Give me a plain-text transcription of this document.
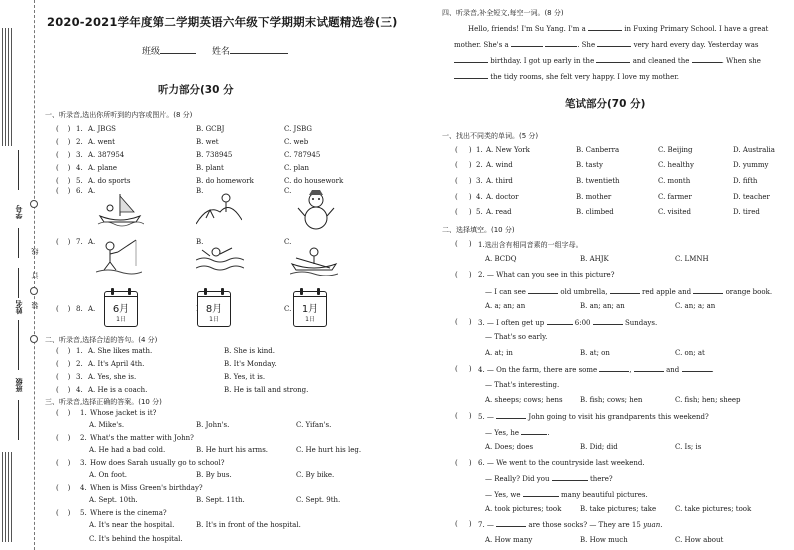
学号
线
订
姓名 装
班级
2020-2021学年度第二学期英语六年级下学期期末试题精选卷(三)
班级	姓名
听力部分(30 分
一、听录音,选出你所听到的内容或图片。(8 分)
(    ) 1. A. JBGS	B. GCBJ	C. JSBG
(    ) 2. A. went	B. wet	C. web
(    ) 3. A. 387954	B. 738945	C. 787945
(    ) 4. A. plane	B. plant	C. plan
(    ) 5. A. do sports	B. do homework	C. do housework
(    ) 6. A.	B.	C.
(    ) 7. A.	B.	C.
(    ) 8. A.	C.
6月
1日
8月
1日
1月
1日
二、听录音,选择合适的答句。(4 分)
(    ) 1. A. She likes math.	B. She is kind.
(    ) 2. A. It's April 4th.	B. It's Monday.
(    ) 3. A. Yes, she is.	B. Yes, it is.
(    ) 4. A. He is a coach.	B. He is tall and strong.
三、听录音,选择正确的答案。(10 分)
(    ) 1. Whose jacket is it?
A. Mike's.	B. John's.	C. Yifan's.
(    ) 2. What's the matter with John?
A. He had a bad cold.	B. He hurt his arms.	C. He hurt his leg.
(    ) 3. How does Sarah usually go to school?
A. On foot.	B. By bus.	C. By bike.
(    ) 4. When is Miss Green's birthday?
A. Sept. 10th.	B. Sept. 11th.	C. Sept. 9th.
(    ) 5. Where is the cinema?
A. It's near the hospital.	B. It's in front of the hospital.
C. It's behind the hospital.
四、听录音,补全短文,每空一词。(8 分)
Hello, friends! I'm Su Yang. I'm a	in Fuxing Primary School. I have a great
mother. She's a	. She	very hard every day. Yesterday was
birthday. I got up early in the	and cleaned the	. When she
the tidy rooms, she felt very happy. I love my mother.
笔试部分(70 分)
一、找出不同类的单词。(5 分)
(     ) 1. A. New York	B. Canberra	C. Beijing	D. Australia
(     ) 2. A. wind	B. tasty	C. healthy	D. yummy
(     ) 3. A. third	B. twentieth	C. month	D. fifth
(     ) 4. A. doctor	B. mother	C. farmer	D. teacher
(     ) 5. A. read	B. climbed	C. visited	D. tired
二、选择填空。(10 分)
(     ) 1.选出含有相同音素的一组字母。
A. BCDQ	B. AHJK	C. LMNH
(     ) 2. — What can you see in this picture?
— I can see	old umbrella,	red apple and	orange book.
A. a; an; an	B. an; an; an	C. an; a; an
(     ) 3. — I often get up	6:00	Sundays.
— That's so early.
A. at; in	B. at; on	C. on; at
(     ) 4. — On the farm, there are some	,	and	.
— That's interesting.
A. sheeps; cows; hens B. fish; cows; hen	C. fish; hen; sheep
(     ) 5. —	John going to visit his grandparents this weekend?
— Yes, he	.
A. Does; does	B. Did; did	C. Is; is
(     ) 6. — We went to the countryside last weekend.
— Really? Did you	there?
— Yes, we	many beautiful pictures.
A. took pictures; took	B. take pictures; take	C. take pictures; took
(     ) 7. —	are those socks? — They are 15 yuan.
A. How many	B. How much	C. How about
